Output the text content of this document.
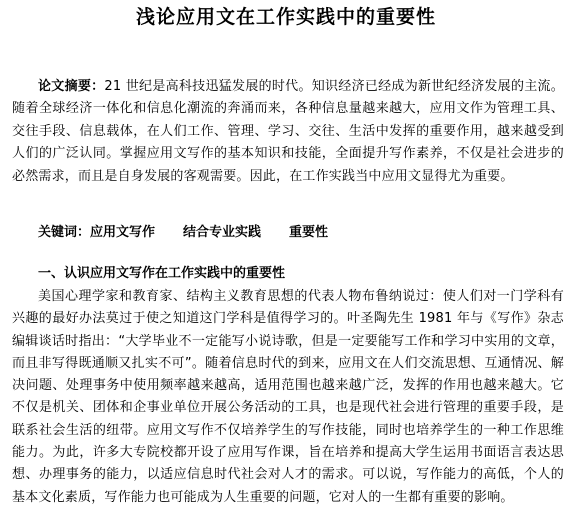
浅论应用文在工作实践中的重要性
论文摘要：21 世纪是高科技迅猛发展的时代。知识经济已经成为新世纪经济发展的主流。随着全球经济一体化和信息化潮流的奔涌而来，各种信息量越来越大，应用文作为管理工具、交往手段、信息载体，在人们工作、管理、学习、交往、生活中发挥的重要作用，越来越受到人们的广泛认同。掌握应用文写作的基本知识和技能，全面提升写作素养，不仅是社会进步的必然需求，而且是自身发展的客观需要。因此，在工作实践当中应用文显得尤为重要。
关键词：应用文写作 结合专业实践 重要性
一、认识应用文写作在工作实践中的重要性
美国心理学家和教育家、结构主义教育思想的代表人物布鲁纳说过：使人们对一门学科有兴趣的最好办法莫过于使之知道这门学科是值得学习的。叶圣陶先生 1981 年与《写作》杂志编辑谈话时指出：“大学毕业不一定能写小说诗歌，但是一定要能写工作和学习中实用的文章，而且非写得既通顺又扎实不可”。随着信息时代的到来，应用文在人们交流思想、互通情况、解决问题、处理事务中使用频率越来越高，适用范围也越来越广泛，发挥的作用也越来越大。它不仅是机关、团体和企事业单位开展公务活动的工具，也是现代社会进行管理的重要手段，是联系社会生活的纽带。应用文写作不仅培养学生的写作技能，同时也培养学生的一种工作思维能力。为此，许多大专院校都开设了应用写作课，旨在培养和提高大学生运用书面语言表达思想、办理事务的能力，以适应信息时代社会对人才的需求。可以说，写作能力的高低，个人的基本文化素质，写作能力也可能成为人生重要的问题，它对人的一生都有重要的影响。
